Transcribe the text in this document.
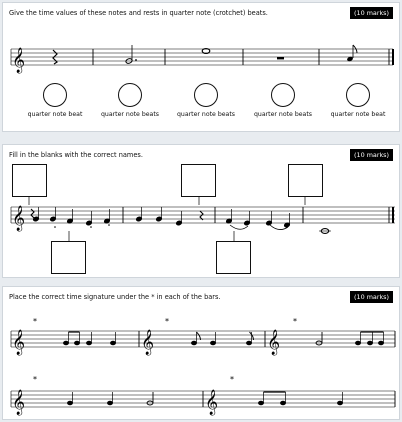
Give the time values of these notes and rests in quarter note (crotchet) beats.	(10 marks)
𝄞
quarter note beat	quarter note beats	quarter note beats	quarter note beats	quarter note beat
Fill in the blanks with the correct names.	(10 marks)
𝄞
Place the correct time signature under the * in each of the bars.	(10 marks)
𝄞	𝄞	𝄞
𝄞	𝄞
*	*	*
*	*
